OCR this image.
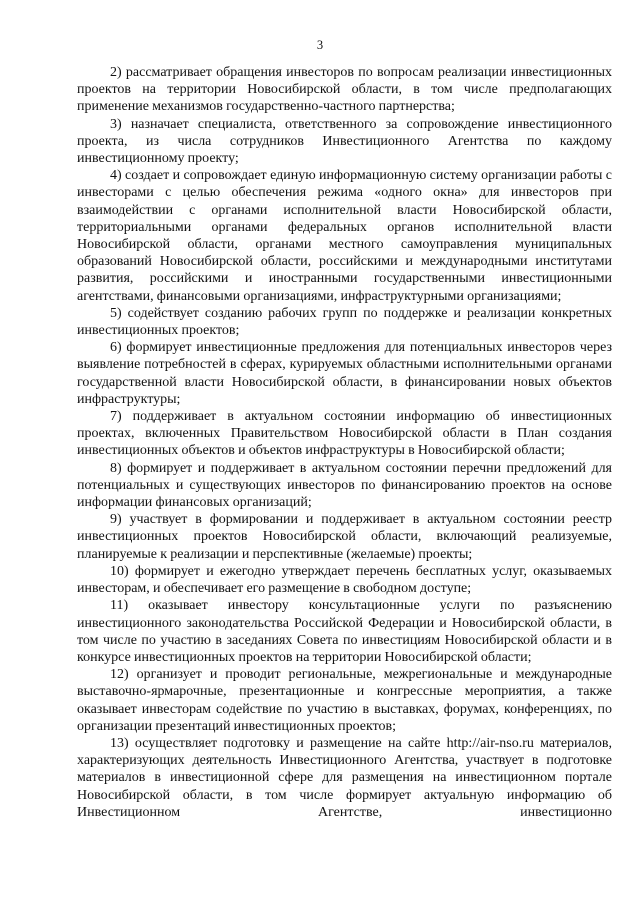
3

2) рассматривает обращения инвесторов по вопросам реализации инвестиционных проектов на территории Новосибирской области, в том числе предполагающих применение механизмов государственно-частного партнерства;

3) назначает специалиста, ответственного за сопровождение инвестиционного проекта, из числа сотрудников Инвестиционного Агентства по каждому инвестиционному проекту;

4) создает и сопровождает единую информационную систему организации работы с инвесторами с целью обеспечения режима «одного окна» для инвесторов при взаимодействии с органами исполнительной власти Новосибирской области, территориальными органами федеральных органов исполнительной власти Новосибирской области, органами местного самоуправления муниципальных образований Новосибирской области, российскими и международными институтами развития, российскими и иностранными государственными инвестиционными агентствами, финансовыми организациями, инфраструктурными организациями;

5) содействует созданию рабочих групп по поддержке и реализации конкретных инвестиционных проектов;

6) формирует инвестиционные предложения для потенциальных инвесторов через выявление потребностей в сферах, курируемых областными исполнительными органами государственной власти Новосибирской области, в финансировании новых объектов инфраструктуры;

7) поддерживает в актуальном состоянии информацию об инвестиционных проектах, включенных Правительством Новосибирской области в План создания инвестиционных объектов и объектов инфраструктуры в Новосибирской области;

8) формирует и поддерживает в актуальном состоянии перечни предложений для потенциальных и существующих инвесторов по финансированию проектов на основе информации финансовых организаций;

9) участвует в формировании и поддерживает в актуальном состоянии реестр инвестиционных проектов Новосибирской области, включающий реализуемые, планируемые к реализации и перспективные (желаемые) проекты;

10) формирует и ежегодно утверждает перечень бесплатных услуг, оказываемых инвесторам, и обеспечивает его размещение в свободном доступе;

11) оказывает инвестору консультационные услуги по разъяснению инвестиционного законодательства Российской Федерации и Новосибирской области, в том числе по участию в заседаниях Совета по инвестициям Новосибирской области и в конкурсе инвестиционных проектов на территории Новосибирской области;

12) организует и проводит региональные, межрегиональные и международные выставочно-ярмарочные, презентационные и конгрессные мероприятия, а также оказывает инвесторам содействие по участию в выставках, форумах, конференциях, по организации презентаций инвестиционных проектов;

13) осуществляет подготовку и размещение на сайте http://air-nso.ru материалов, характеризующих деятельность Инвестиционного Агентства, участвует в подготовке материалов в инвестиционной сфере для размещения на инвестиционном портале Новосибирской области, в том числе формирует актуальную информацию об Инвестиционном Агентстве, инвестиционно
